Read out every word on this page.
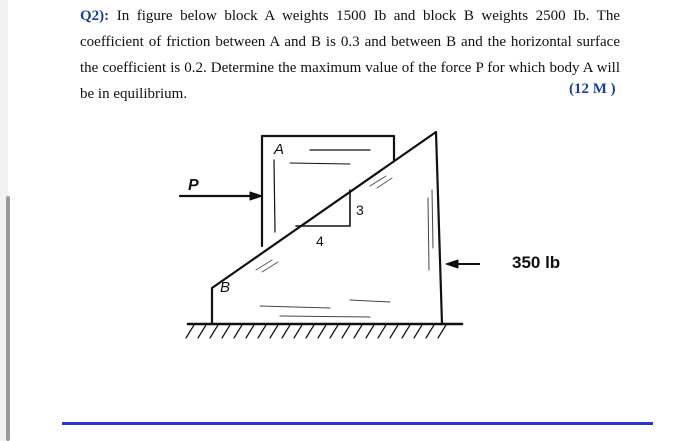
Q2): In figure below block A weights 1500 Ib and block B weights 2500 Ib. The coefficient of friction between A and B is 0.3 and between B and the horizontal surface the coefficient is 0.2. Determine the maximum value of the force P for which body A will be in equilibrium.	(12 M )
A
B
P
3
4
350 lb
